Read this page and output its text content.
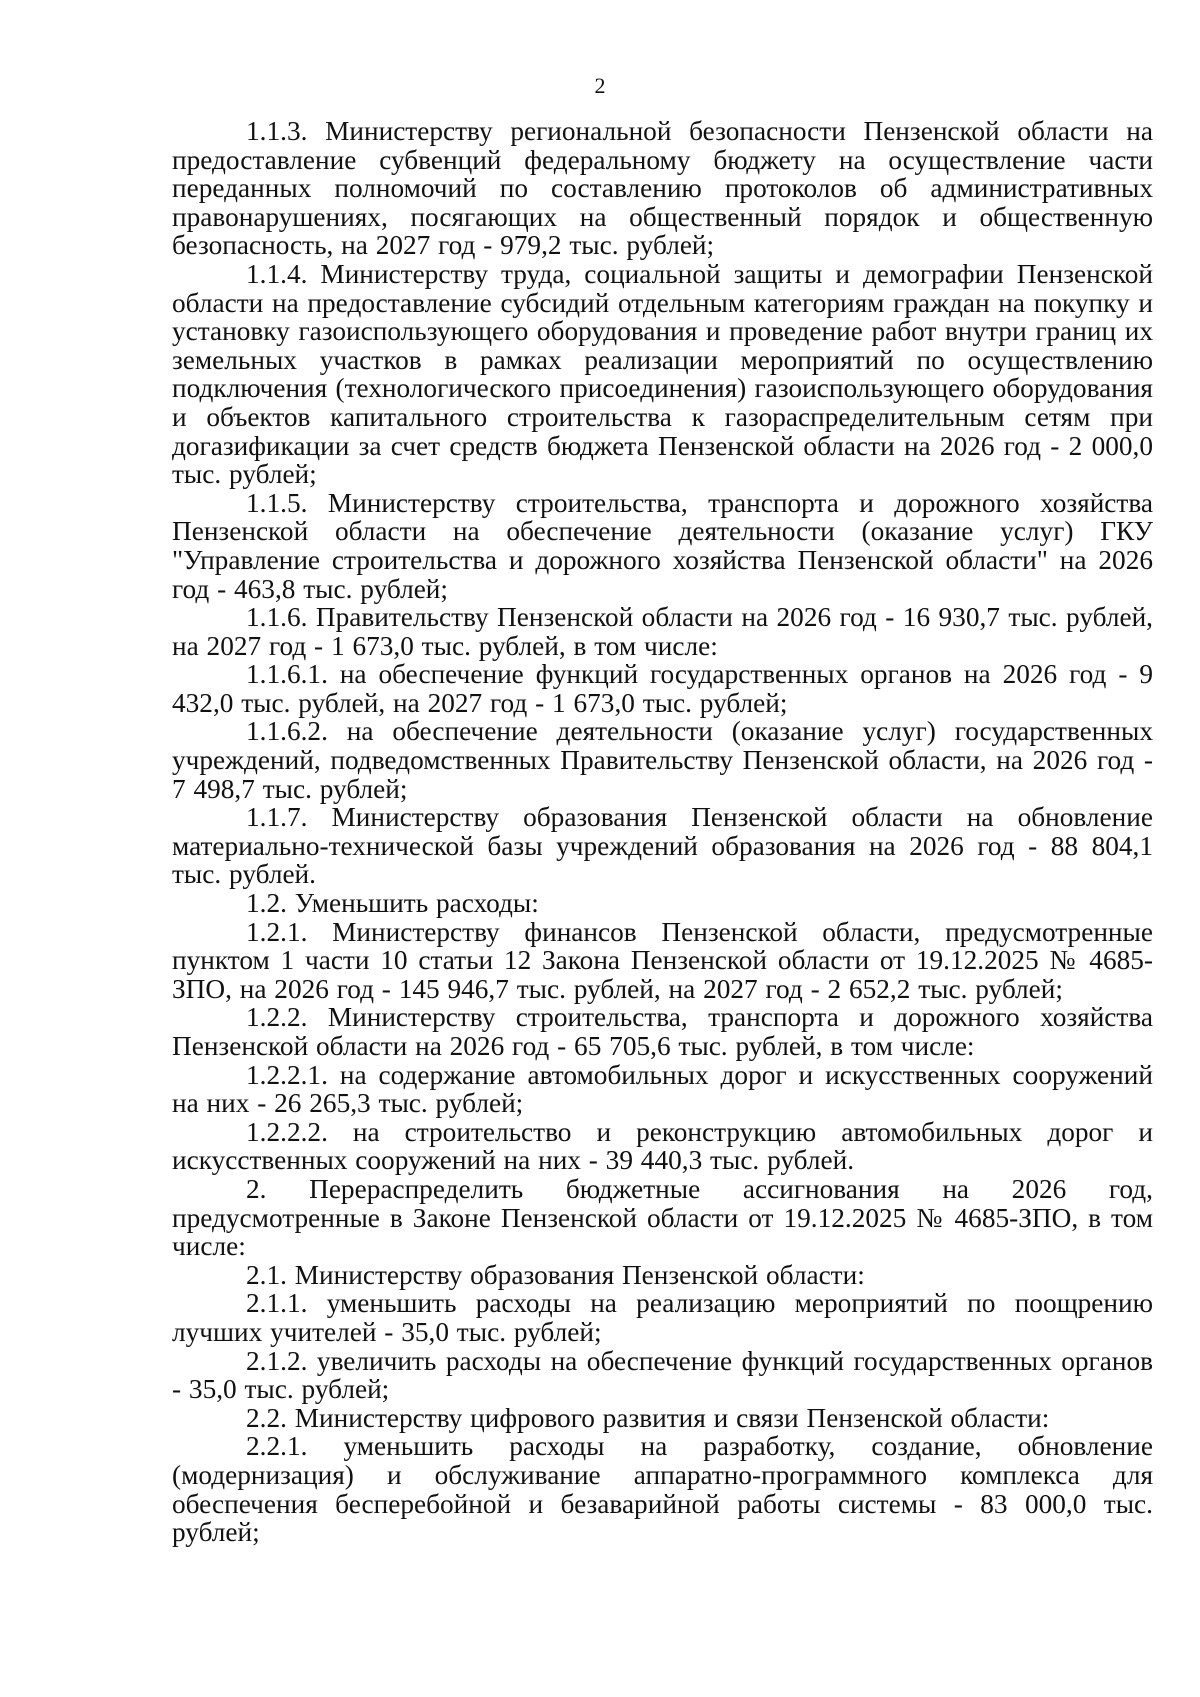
2

1.1.3. Министерству региональной безопасности Пензенской области на предоставление субвенций федеральному бюджету на осуществление части переданных полномочий по составлению протоколов об административных правонарушениях, посягающих на общественный порядок и общественную безопасность, на 2027 год - 979,2 тыс. рублей;

1.1.4. Министерству труда, социальной защиты и демографии Пензенской области на предоставление субсидий отдельным категориям граждан на покупку и установку газоиспользующего оборудования и проведение работ внутри границ их земельных участков в рамках реализации мероприятий по осуществлению подключения (технологического присоединения) газоиспользующего оборудования и объектов капитального строительства к газораспределительным сетям при догазификации за счет средств бюджета Пензенской области на 2026 год - 2 000,0 тыс. рублей;

1.1.5. Министерству строительства, транспорта и дорожного хозяйства Пензенской области на обеспечение деятельности (оказание услуг) ГКУ "Управление строительства и дорожного хозяйства Пензенской области" на 2026 год - 463,8 тыс. рублей;

1.1.6. Правительству Пензенской области на 2026 год - 16 930,7 тыс. рублей, на 2027 год - 1 673,0 тыс. рублей, в том числе:

1.1.6.1. на обеспечение функций государственных органов на 2026 год - 9 432,0 тыс. рублей, на 2027 год - 1 673,0 тыс. рублей;

1.1.6.2. на обеспечение деятельности (оказание услуг) государственных учреждений, подведомственных Правительству Пензенской области, на 2026 год - 7 498,7 тыс. рублей;

1.1.7. Министерству образования Пензенской области на обновление материально-технической базы учреждений образования на 2026 год - 88 804,1 тыс. рублей.

1.2. Уменьшить расходы:

1.2.1. Министерству финансов Пензенской области, предусмотренные пунктом 1 части 10 статьи 12 Закона Пензенской области от 19.12.2025 № 4685-ЗПО, на 2026 год - 145 946,7 тыс. рублей, на 2027 год - 2 652,2 тыс. рублей;

1.2.2. Министерству строительства, транспорта и дорожного хозяйства Пензенской области на 2026 год - 65 705,6 тыс. рублей, в том числе:

1.2.2.1. на содержание автомобильных дорог и искусственных сооружений на них - 26 265,3 тыс. рублей;

1.2.2.2. на строительство и реконструкцию автомобильных дорог и искусственных сооружений на них - 39 440,3 тыс. рублей.

2. Перераспределить бюджетные ассигнования на 2026 год, предусмотренные в Законе Пензенской области от 19.12.2025 № 4685-ЗПО, в том числе:

2.1. Министерству образования Пензенской области:

2.1.1. уменьшить расходы на реализацию мероприятий по поощрению лучших учителей - 35,0 тыс. рублей;

2.1.2. увеличить расходы на обеспечение функций государственных органов - 35,0 тыс. рублей;

2.2. Министерству цифрового развития и связи Пензенской области:

2.2.1. уменьшить расходы на разработку, создание, обновление (модернизация) и обслуживание аппаратно-программного комплекса для обеспечения бесперебойной и безаварийной работы системы - 83 000,0 тыс. рублей;
